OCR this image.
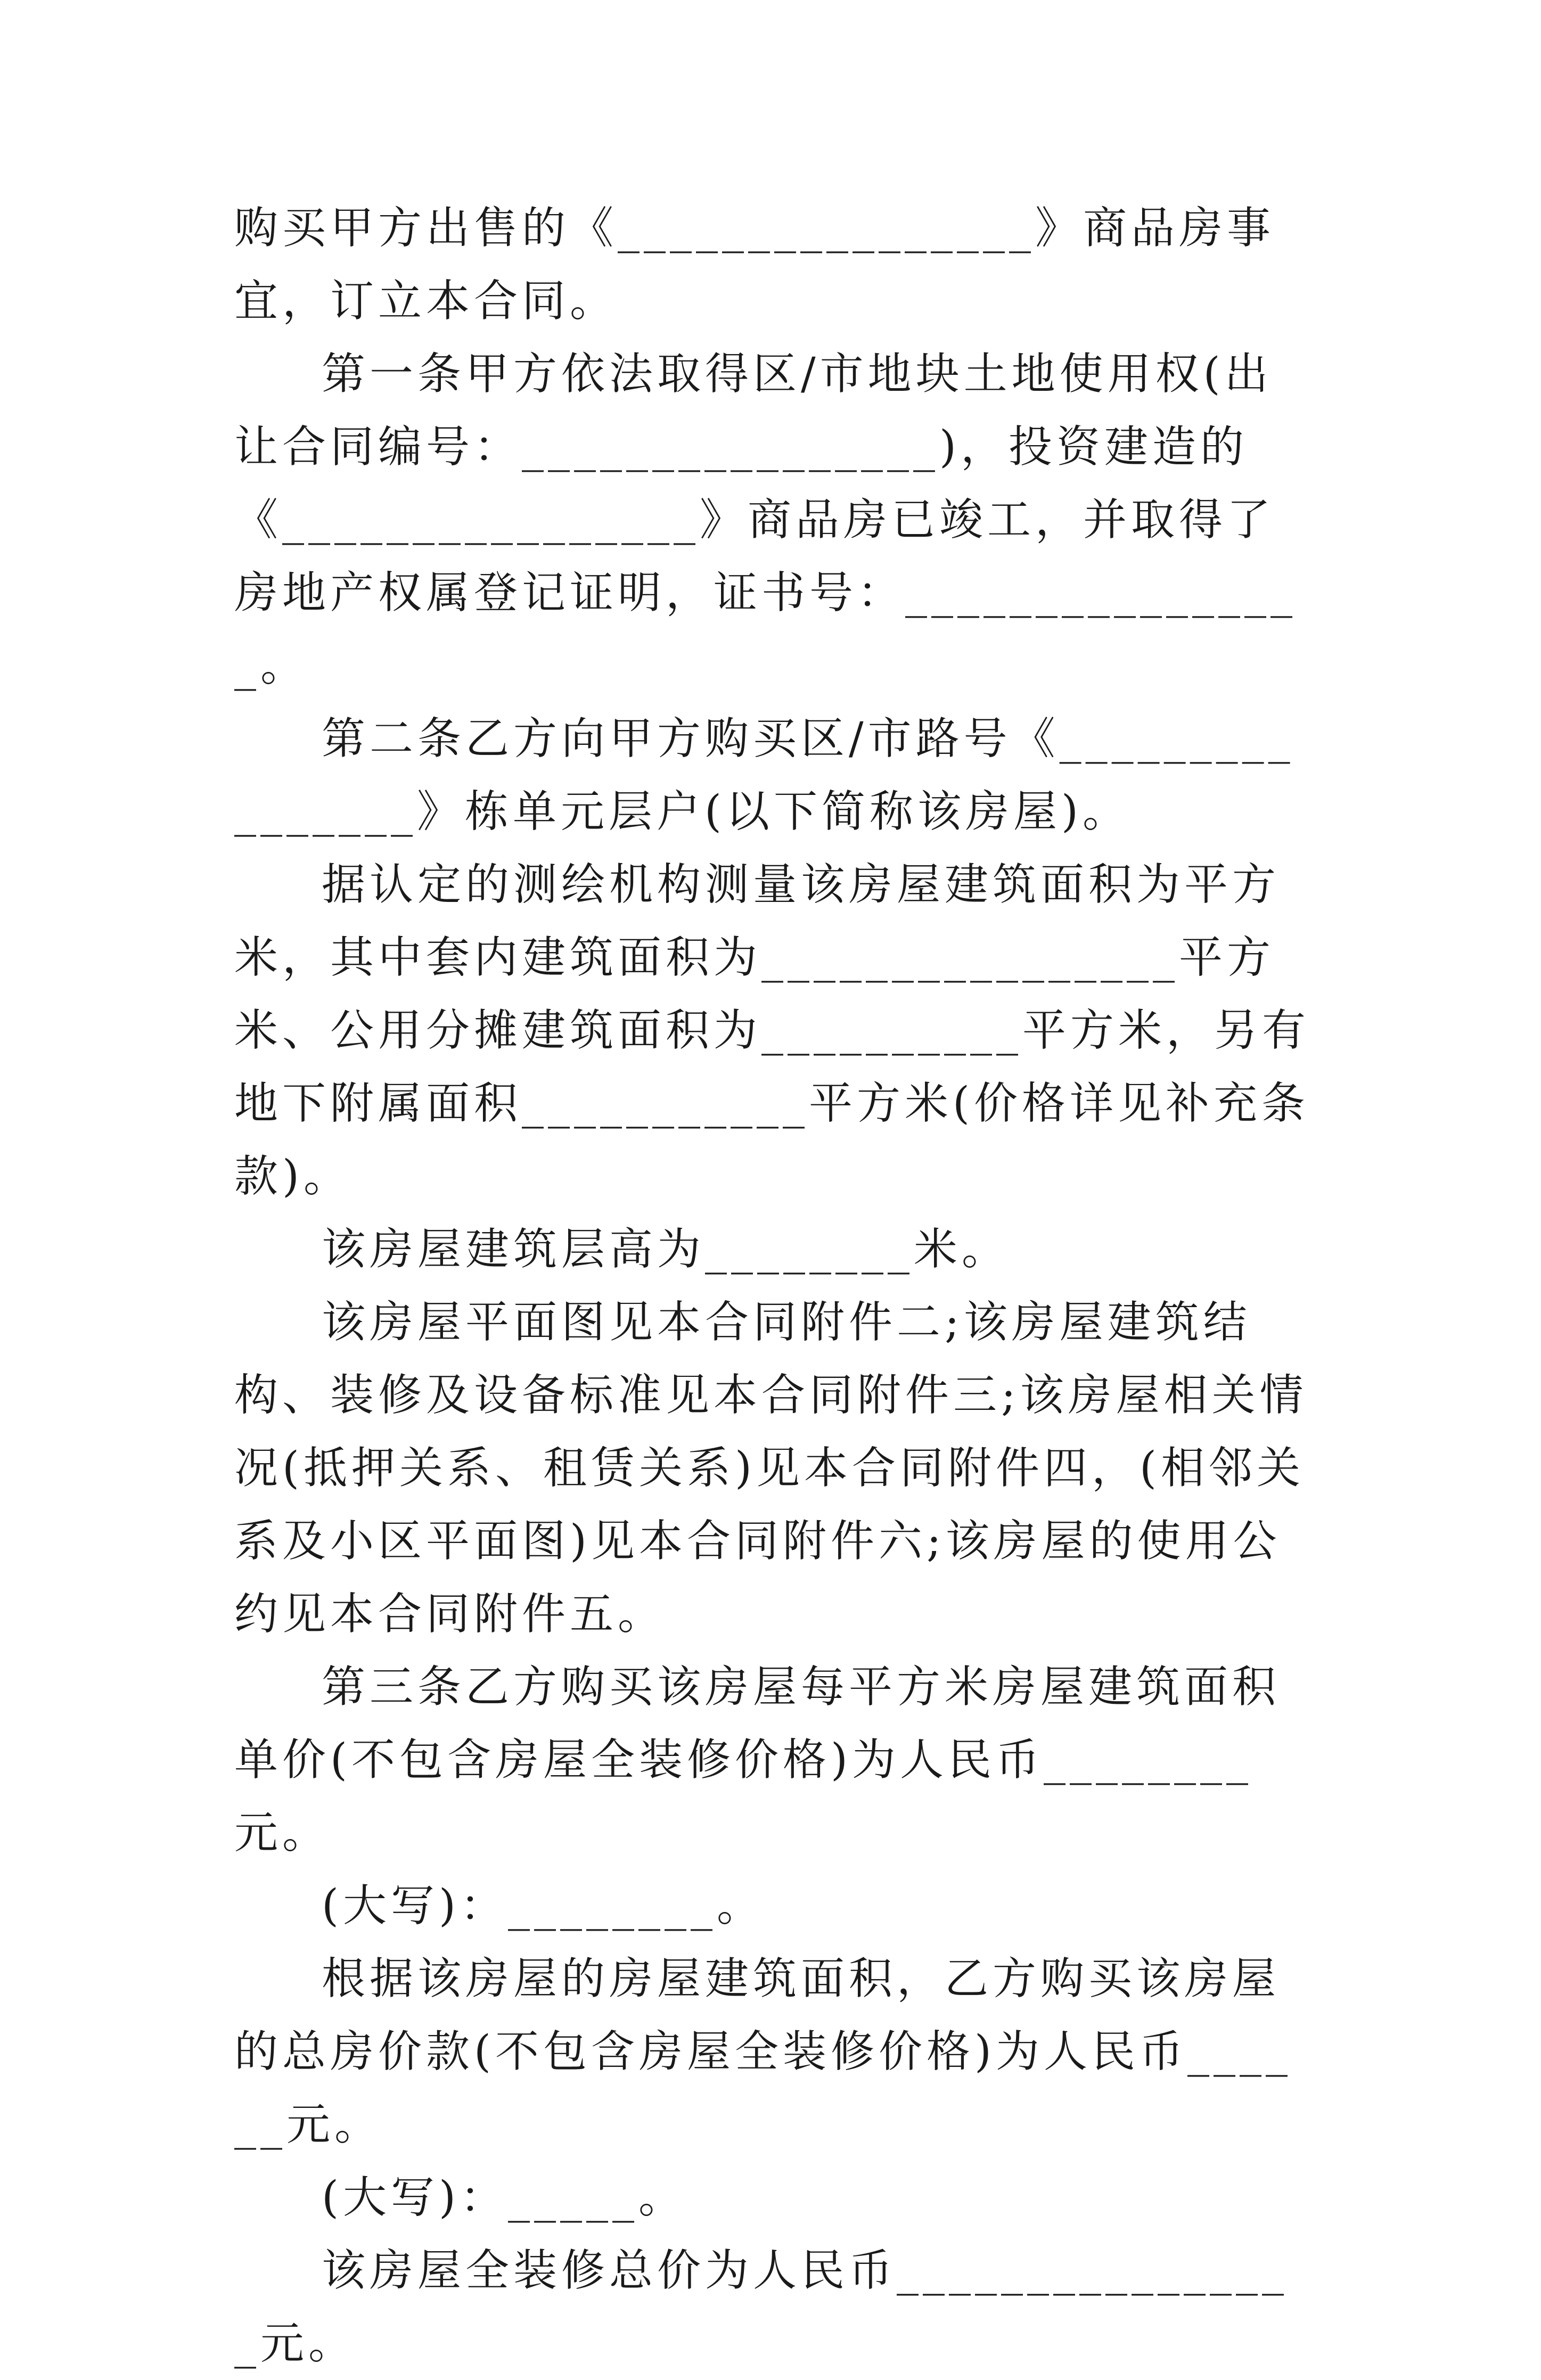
购买甲方出售的《________________》商品房事宜，订立本合同。

第一条甲方依法取得区/市地块土地使用权(出让合同编号：________________)，投资建造的《________________》商品房已竣工，并取得了房地产权属登记证明，证书号：________________。

第二条乙方向甲方购买区/市路号《________________》栋单元层户(以下简称该房屋)。

据认定的测绘机构测量该房屋建筑面积为平方米，其中套内建筑面积为________________平方米、公用分摊建筑面积为__________平方米，另有地下附属面积___________平方米(价格详见补充条款)。

该房屋建筑层高为________米。

该房屋平面图见本合同附件二;该房屋建筑结构、装修及设备标准见本合同附件三;该房屋相关情况(抵押关系、租赁关系)见本合同附件四，(相邻关系及小区平面图)见本合同附件六;该房屋的使用公约见本合同附件五。

第三条乙方购买该房屋每平方米房屋建筑面积单价(不包含房屋全装修价格)为人民币________元。

(大写)：________。

根据该房屋的房屋建筑面积，乙方购买该房屋的总房价款(不包含房屋全装修价格)为人民币______元。

(大写)：_____。

该房屋全装修总价为人民币________________元。
